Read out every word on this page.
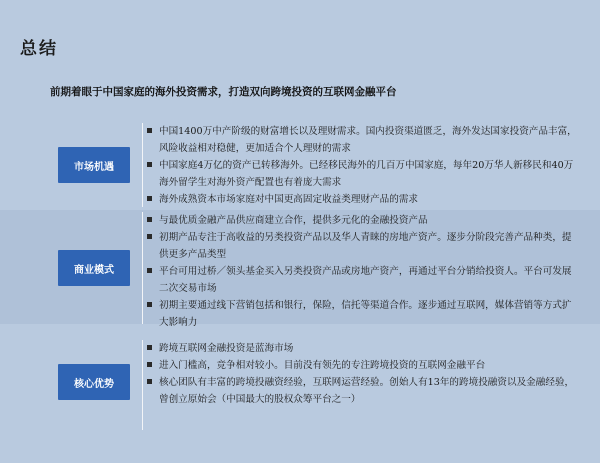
总结
前期着眼于中国家庭的海外投资需求，打造双向跨境投资的互联网金融平台
市场机遇
中国1400万中产阶级的财富增长以及理财需求。国内投资渠道匮乏，海外发达国家投资产品丰富，风险收益相对稳健，更加适合个人理财的需求
中国家庭4万亿的资产已转移海外。已经移民海外的几百万中国家庭，每年20万华人新移民和40万海外留学生对海外资产配置也有着庞大需求
海外成熟资本市场家庭对中国更高固定收益类理财产品的需求
商业模式
与最优质金融产品供应商建立合作，提供多元化的金融投资产品
初期产品专注于高收益的另类投资产品以及华人青睐的房地产资产。逐步分阶段完善产品种类，提供更多产品类型
平台可用过桥／领头基金买入另类投资产品或房地产资产，再通过平台分销给投资人。平台可发展二次交易市场
初期主要通过线下营销包括和银行，保险，信托等渠道合作。逐步通过互联网，媒体营销等方式扩大影响力
核心优势
跨境互联网金融投资是蓝海市场
进入门槛高，竞争相对较小。目前没有领先的专注跨境投资的互联网金融平台
核心团队有丰富的跨境投融资经验，互联网运营经验。创始人有13年的跨境投融资以及金融经验，曾创立原始会（中国最大的股权众筹平台之一）
